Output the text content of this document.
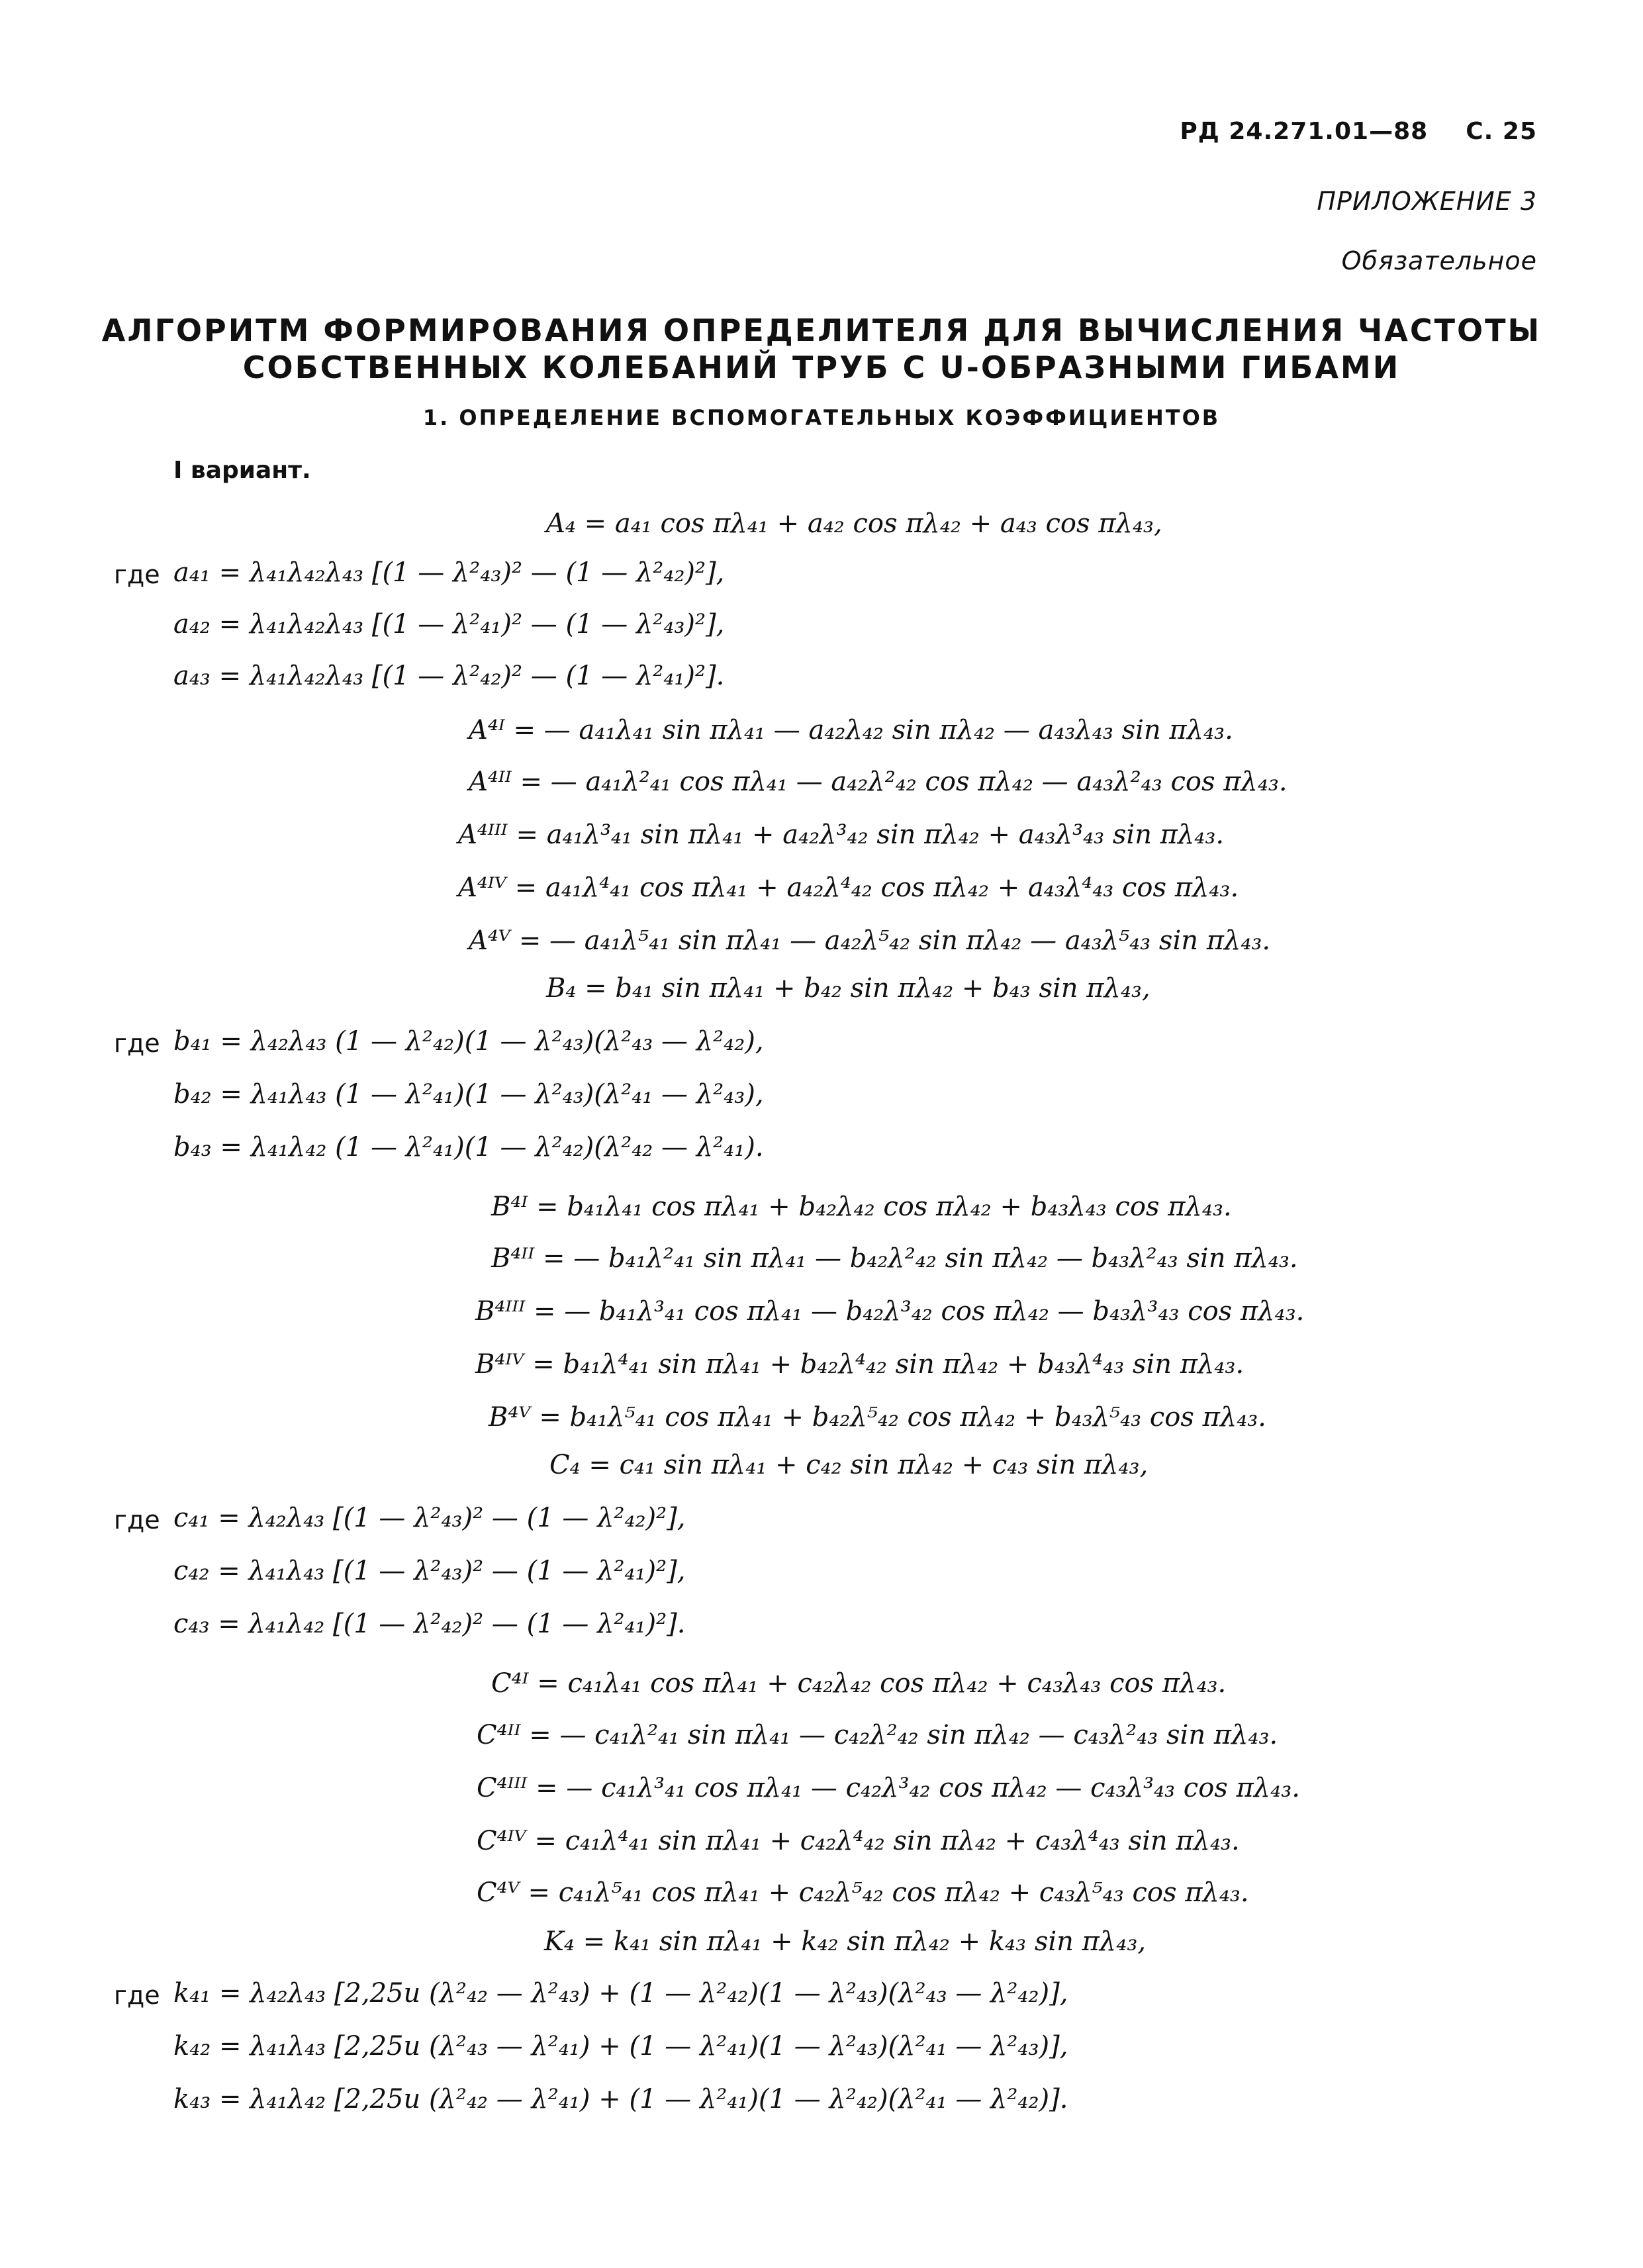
РД 24.271.01—88 С. 25
ПРИЛОЖЕНИЕ 3
Обязательное
АЛГОРИТМ ФОРМИРОВАНИЯ ОПРЕДЕЛИТЕЛЯ ДЛЯ ВЫЧИСЛЕНИЯ ЧАСТОТЫ
СОБСТВЕННЫХ КОЛЕБАНИЙ ТРУБ С U-ОБРАЗНЫМИ ГИБАМИ
1. ОПРЕДЕЛЕНИЕ ВСПОМОГАТЕЛЬНЫХ КОЭФФИЦИЕНТОВ
I вариант.
A₄ = a₄₁ cos πλ₄₁ + a₄₂ cos πλ₄₂ + a₄₃ cos πλ₄₃,
где a₄₁ = λ₄₁λ₄₂λ₄₃ [(1 — λ²₄₃)² — (1 — λ²₄₂)²],
a₄₂ = λ₄₁λ₄₂λ₄₃ [(1 — λ²₄₁)² — (1 — λ²₄₃)²],
a₄₃ = λ₄₁λ₄₂λ₄₃ [(1 — λ²₄₂)² — (1 — λ²₄₁)²].
A⁴ᴵ = — a₄₁λ₄₁ sin πλ₄₁ — a₄₂λ₄₂ sin πλ₄₂ — a₄₃λ₄₃ sin πλ₄₃.
A⁴ᴵᴵ = — a₄₁λ²₄₁ cos πλ₄₁ — a₄₂λ²₄₂ cos πλ₄₂ — a₄₃λ²₄₃ cos πλ₄₃.
A⁴ᴵᴵᴵ = a₄₁λ³₄₁ sin πλ₄₁ + a₄₂λ³₄₂ sin πλ₄₂ + a₄₃λ³₄₃ sin πλ₄₃.
A⁴ᴵⱽ = a₄₁λ⁴₄₁ cos πλ₄₁ + a₄₂λ⁴₄₂ cos πλ₄₂ + a₄₃λ⁴₄₃ cos πλ₄₃.
A⁴ⱽ = — a₄₁λ⁵₄₁ sin πλ₄₁ — a₄₂λ⁵₄₂ sin πλ₄₂ — a₄₃λ⁵₄₃ sin πλ₄₃.
B₄ = b₄₁ sin πλ₄₁ + b₄₂ sin πλ₄₂ + b₄₃ sin πλ₄₃,
где b₄₁ = λ₄₂λ₄₃ (1 — λ²₄₂)(1 — λ²₄₃)(λ²₄₃ — λ²₄₂),
b₄₂ = λ₄₁λ₄₃ (1 — λ²₄₁)(1 — λ²₄₃)(λ²₄₁ — λ²₄₃),
b₄₃ = λ₄₁λ₄₂ (1 — λ²₄₁)(1 — λ²₄₂)(λ²₄₂ — λ²₄₁).
B⁴ᴵ = b₄₁λ₄₁ cos πλ₄₁ + b₄₂λ₄₂ cos πλ₄₂ + b₄₃λ₄₃ cos πλ₄₃.
B⁴ᴵᴵ = — b₄₁λ²₄₁ sin πλ₄₁ — b₄₂λ²₄₂ sin πλ₄₂ — b₄₃λ²₄₃ sin πλ₄₃.
B⁴ᴵᴵᴵ = — b₄₁λ³₄₁ cos πλ₄₁ — b₄₂λ³₄₂ cos πλ₄₂ — b₄₃λ³₄₃ cos πλ₄₃.
B⁴ᴵⱽ = b₄₁λ⁴₄₁ sin πλ₄₁ + b₄₂λ⁴₄₂ sin πλ₄₂ + b₄₃λ⁴₄₃ sin πλ₄₃.
B⁴ⱽ = b₄₁λ⁵₄₁ cos πλ₄₁ + b₄₂λ⁵₄₂ cos πλ₄₂ + b₄₃λ⁵₄₃ cos πλ₄₃.
C₄ = c₄₁ sin πλ₄₁ + c₄₂ sin πλ₄₂ + c₄₃ sin πλ₄₃,
где c₄₁ = λ₄₂λ₄₃ [(1 — λ²₄₃)² — (1 — λ²₄₂)²],
c₄₂ = λ₄₁λ₄₃ [(1 — λ²₄₃)² — (1 — λ²₄₁)²],
c₄₃ = λ₄₁λ₄₂ [(1 — λ²₄₂)² — (1 — λ²₄₁)²].
C⁴ᴵ = c₄₁λ₄₁ cos πλ₄₁ + c₄₂λ₄₂ cos πλ₄₂ + c₄₃λ₄₃ cos πλ₄₃.
C⁴ᴵᴵ = — c₄₁λ²₄₁ sin πλ₄₁ — c₄₂λ²₄₂ sin πλ₄₂ — c₄₃λ²₄₃ sin πλ₄₃.
C⁴ᴵᴵᴵ = — c₄₁λ³₄₁ cos πλ₄₁ — c₄₂λ³₄₂ cos πλ₄₂ — c₄₃λ³₄₃ cos πλ₄₃.
C⁴ᴵⱽ = c₄₁λ⁴₄₁ sin πλ₄₁ + c₄₂λ⁴₄₂ sin πλ₄₂ + c₄₃λ⁴₄₃ sin πλ₄₃.
C⁴ⱽ = c₄₁λ⁵₄₁ cos πλ₄₁ + c₄₂λ⁵₄₂ cos πλ₄₂ + c₄₃λ⁵₄₃ cos πλ₄₃.
K₄ = k₄₁ sin πλ₄₁ + k₄₂ sin πλ₄₂ + k₄₃ sin πλ₄₃,
где k₄₁ = λ₄₂λ₄₃ [2,25u (λ²₄₂ — λ²₄₃) + (1 — λ²₄₂)(1 — λ²₄₃)(λ²₄₃ — λ²₄₂)],
k₄₂ = λ₄₁λ₄₃ [2,25u (λ²₄₃ — λ²₄₁) + (1 — λ²₄₁)(1 — λ²₄₃)(λ²₄₁ — λ²₄₃)],
k₄₃ = λ₄₁λ₄₂ [2,25u (λ²₄₂ — λ²₄₁) + (1 — λ²₄₁)(1 — λ²₄₂)(λ²₄₁ — λ²₄₂)].
